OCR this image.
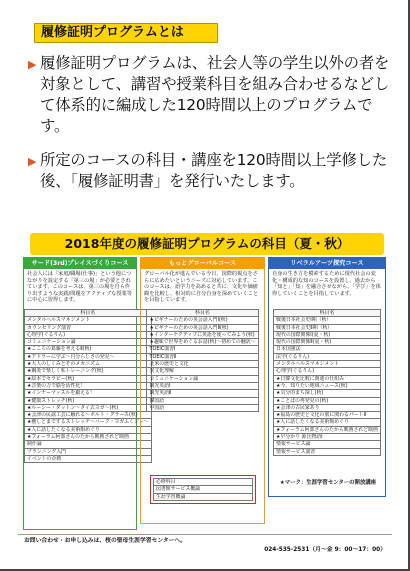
履修証明プログラムとは
▶ 履修証明プログラムは、社会人等の学生以外の者を 対象として、講習や授業科目を組み合わせるなどして体系的に編成した120時間以上のプログラムです。
▶ 所定のコースの科目・講座を120時間以上学修した後、「履修証明書」を発行いたします。
2018年度の履修証明プログラムの科目（夏・秋）
サード(3rd)プレイスづくりコース
社会人には「家庭/職場(仕事)」という他につながりを設定する「第三の場」が必要とされています。このコースは、第三の場を自ら作り出すような実践/問題をアクティブな授業等に中心に習得します。
科目名
メンタルヘルスマネジメント
カウンセリング演習
心理学(ぐるりん)
コミュニケーション論
★こころの葛藤を考えるⅡ(秋)
★アドラーに学ぶ〜自分らしさの発見〜
★大人のしくみとそのメカニズム
★鍼灸で楽しく私トレーニング(秋)
★絵本でセラピー(秋)
★音楽の力で脳を活性化！
★インナーマッスルを鍛える！
★健康ストレッチ(秋)
★ルーシー・ダットン〜タイ式ヨガ〜(秋)
★会津の民謡工芸に触れる〜ボルト・グラース(秋)
★癒しとまでするストレッチ〜バーク・ヨガふくジン〜
★人に話したくなる美術館めぐり
★フォーラム阿部さんのたから映画されど映画
制作論
プランニング入門
イベントの企画
もっとグローバルコース
グローバル化が進んでいる今日、国際的視点をさらに広めたいというニーズに対応しています。このコースは、語学力を高めると共に、文化や価値観を比較し、相対的に自分自身を深めていくことを目指しています。
科目名
★ビギナーのための英会話入門Ⅰ(秋)
★ビギナーのための英会話入門Ⅱ(秋)
★インターケクティブに英語を使ってみよう(秋)
★趣味で世界をめぐるお話(秋)〜初めての翻訳〜
TOEIC演習Ⅰ
TOEIC演習Ⅱ
北米の歴史と文化
異文化理解
コミュニケーション論
観光英語Ⅰ
観光英語Ⅱ
韓国語
中国語
リベラルアーツ探究コース
自身の生き方を模索するために現代社会の変化・構成的な知のコースを設置し、過去から「知と」「知」を融合させながら、「学び」を体得していくことを目指しています。
科目名
戦後日本社会史Ⅰ期（秋）
戦後日本社会史Ⅱ期（秋）
現代の国際関係Ⅰ(夏・秋)
現代の国際関係Ⅱ(夏・秋)
日本国憲法
法学(ぐるりん)
メンタルヘルスマネジメント
心理学(ぐるりん)
★日韓文化比較に関連の仕組み
★今、知りたい地域ニュース(秋)
★気分的まち探し(秋)
★ことばの再発見の(秋)
★会津の古民家あり
★福島の歴史と文化の旅に関わるパートⅡ
★人に話したくなる美術館めぐり
★フォーラム阿部さんのたから映画されど映画
★早分かり 源氏物語Ⅰ
情報サービス論
情報サービス演習
必修科目
図書館サービス概論
生涯学習概論
★マーク：生涯学習センターの開放講座
お問い合わせ・お申し込みは、桜の聖母生涯学習センターへ。
024-535-2531（月〜金 9：00〜17：00）
